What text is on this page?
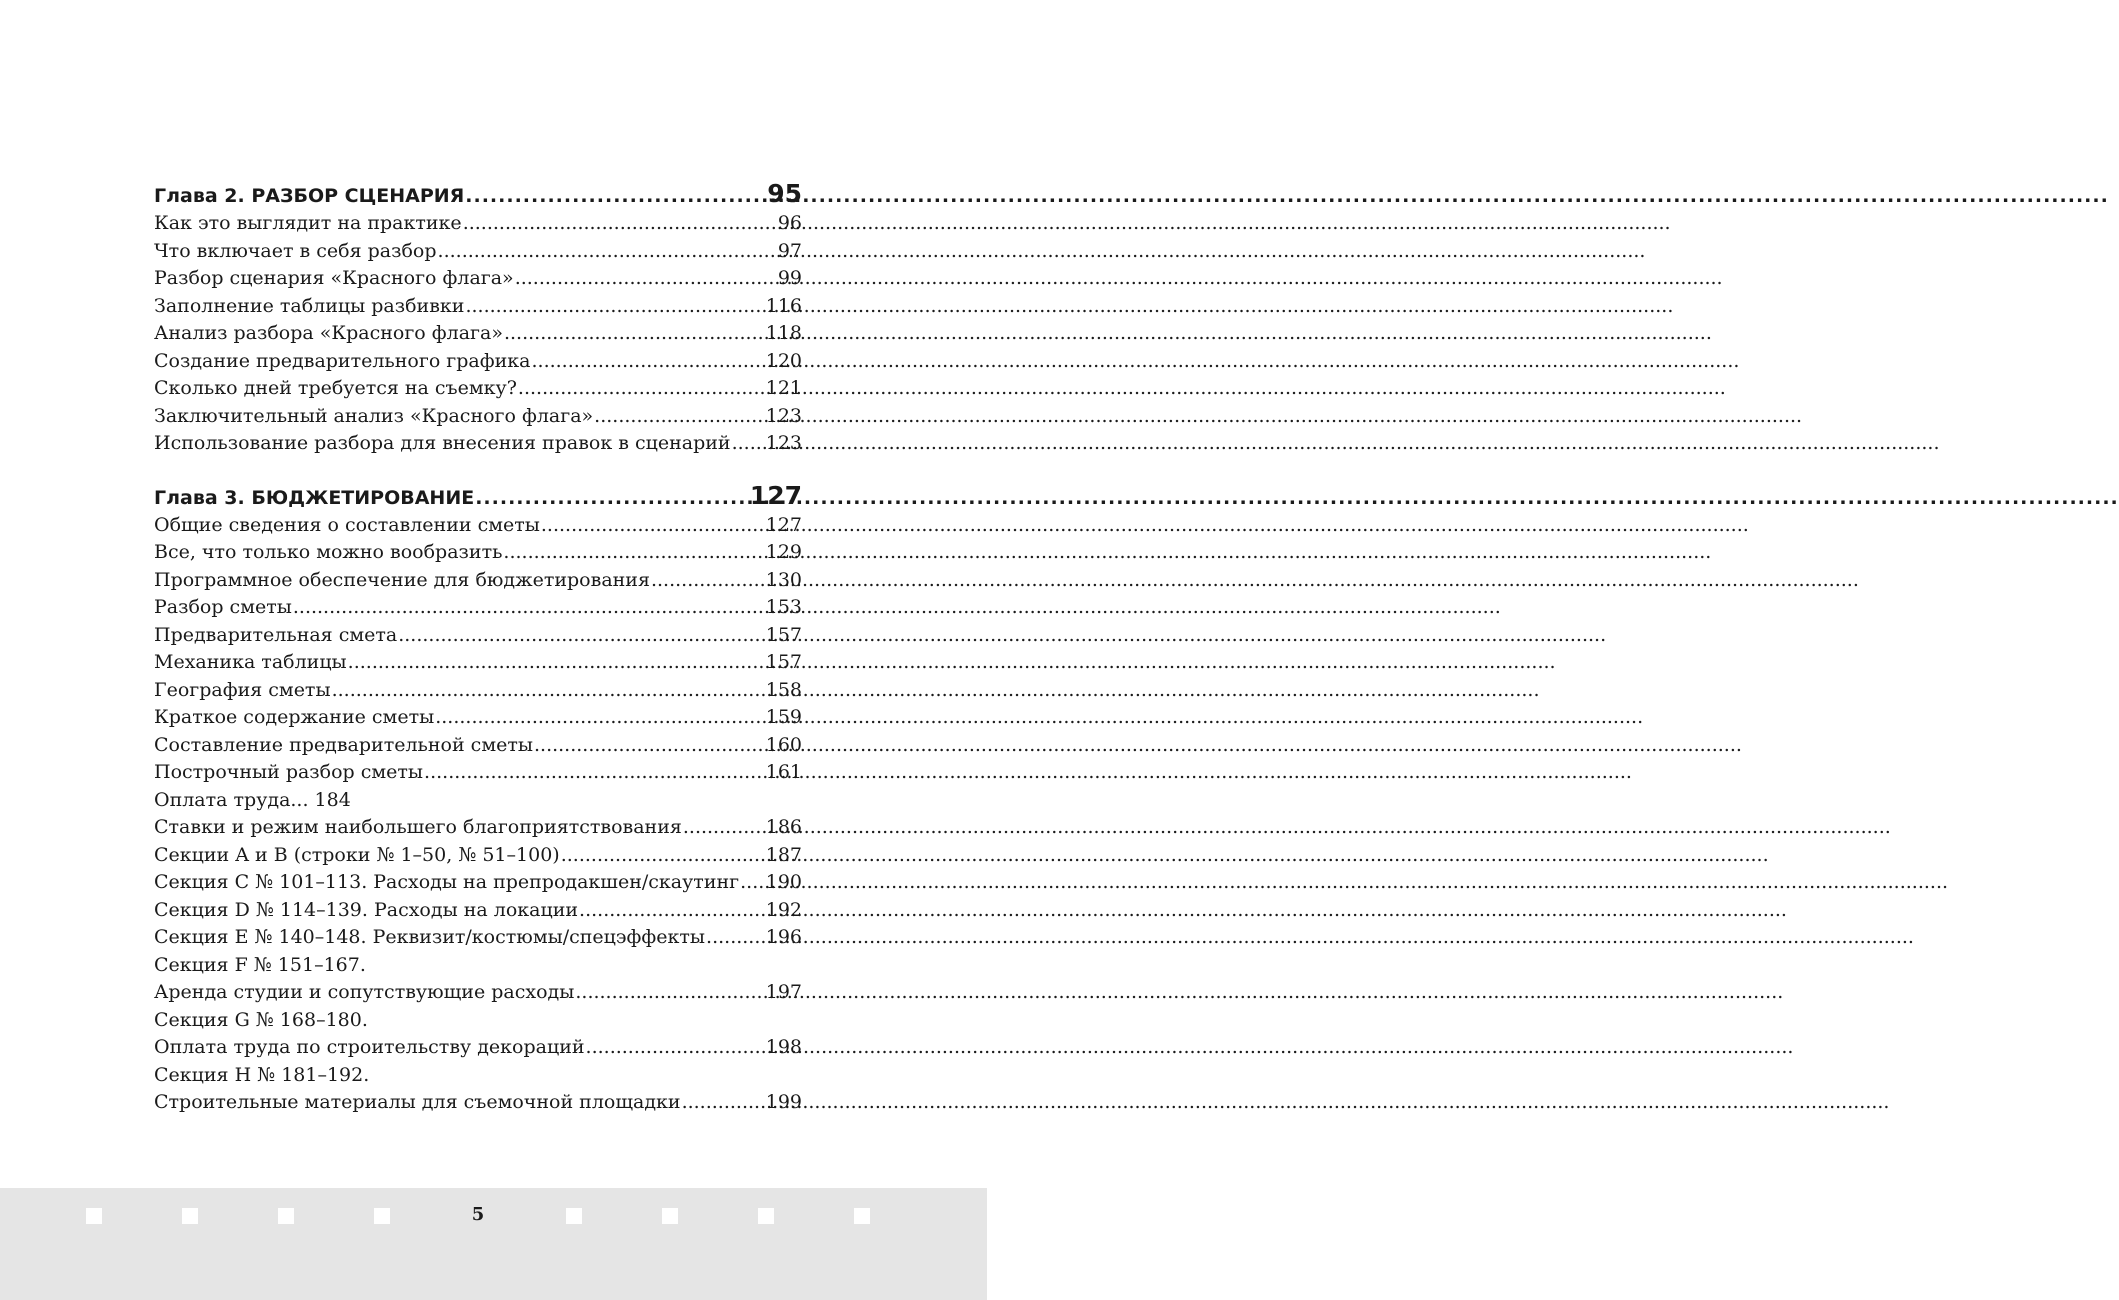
Глава 2. РАЗБОР СЦЕНАРИЯ .....	95
Как это выглядит на практике .....	96
Что включает в себя разбор .....	97
Разбор сценария «Красного флага» .....	99
Заполнение таблицы разбивки .....	116
Анализ разбора «Красного флага» .....	118
Создание предварительного графика .....	120
Сколько дней требуется на съемку? .....	121
Заключительный анализ «Красного флага» .....	123
Использование разбора для внесения правок в сценарий ..... 123
Глава 3. БЮДЖЕТИРОВАНИЕ .....	127
Общие сведения о составлении сметы .....	127
Все, что только можно вообразить .....	129
Программное обеспечение для бюджетирования .....	130
Разбор сметы .....	153
Предварительная смета .....	157
Механика таблицы .....	157
География сметы .....	158
Краткое содержание сметы .....	159
Составление предварительной сметы .....	160
Построчный разбор сметы .....	161
Оплата труда... 184
Ставки и режим наибольшего благоприятствования .....	186
Секции A и B (строки № 1–50, № 51–100) .....	187
Секция C № 101–113. Расходы на препродакшен/скаутинг ..... 190
Секция D № 114–139. Расходы на локации .....	192
Секция E № 140–148. Реквизит/костюмы/спецэффекты .....	196
Секция F № 151–167.
Аренда студии и сопутствующие расходы .....	197
Секция G № 168–180.
Оплата труда по строительству декораций .....	198
Секция H № 181–192.
Строительные материалы для съемочной площадки .....	199
5
